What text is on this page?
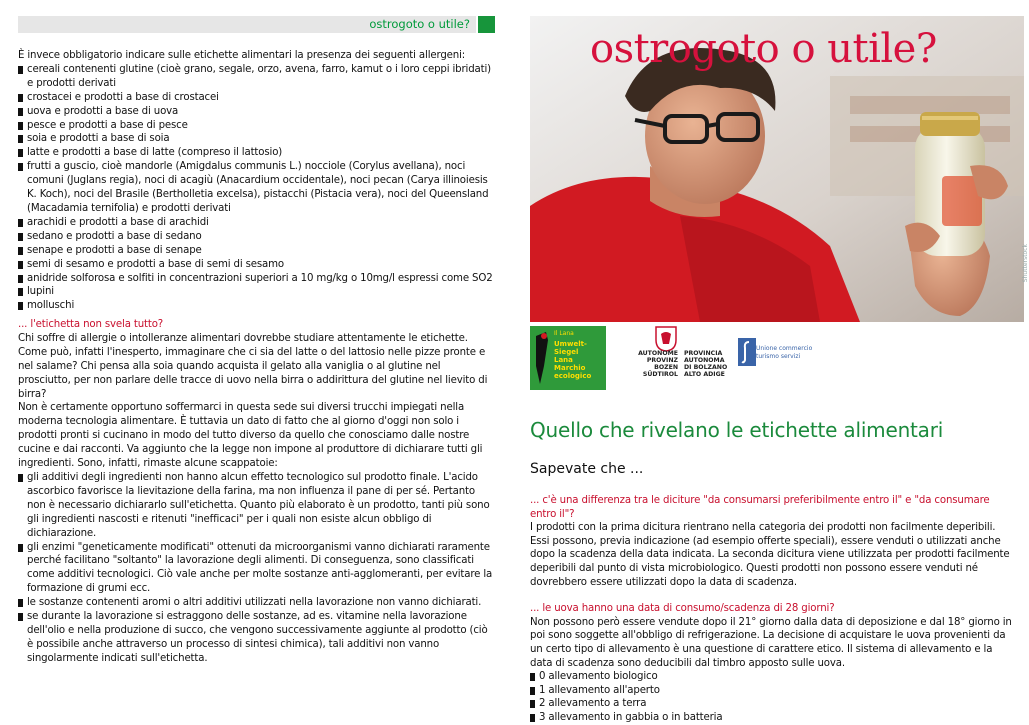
ostrogoto o utile?

È invece obbligatorio indicare sulle etichette alimentari la presenza dei seguenti allergeni:

cereali contenenti glutine (cioè grano, segale, orzo, avena, farro, kamut o i loro ceppi ibridati) e prodotti derivati
crostacei e prodotti a base di crostacei
uova e prodotti a base di uova
pesce e prodotti a base di pesce
soia e prodotti a base di soia
latte e prodotti a base di latte (compreso il lattosio)
frutti a guscio, cioè mandorle (Amigdalus communis L.) nocciole (Corylus avellana), noci comuni (Juglans regia), noci di acagiù (Anacardium occidentale), noci pecan (Carya illinoiesis K. Koch), noci del Brasile (Bertholletia excelsa), pistacchi (Pistacia vera), noci del Queensland (Macadamia ternifolia) e prodotti derivati
arachidi e prodotti a base di arachidi
sedano e prodotti a base di sedano
senape e prodotti a base di senape
semi di sesamo e prodotti a base di semi di sesamo
anidride solforosa e solfiti in concentrazioni superiori a 10 mg/kg o 10mg/l espressi come SO2
lupini
molluschi

... l'etichetta non svela tutto?

Chi soffre di allergie o intolleranze alimentari dovrebbe studiare attentamente le etichette. Come può, infatti l'inesperto, immaginare che ci sia del latte o del lattosio nelle pizze pronte e nel salame? Chi pensa alla soia quando acquista il gelato alla vaniglia o al glutine nel prosciutto, per non parlare delle tracce di uovo nella birra o addirittura del glutine nel lievito di birra?

Non è certamente opportuno soffermarci in questa sede sui diversi trucchi impiegati nella moderna tecnologia alimentare. È tuttavia un dato di fatto che al giorno d'oggi non solo i prodotti pronti si cucinano in modo del tutto diverso da quello che conosciamo dalle nostre cucine e dai racconti. Va aggiunto che la legge non impone al produttore di dichiarare tutti gli ingredienti. Sono, infatti, rimaste alcune scappatoie:

gli additivi degli ingredienti non hanno alcun effetto tecnologico sul prodotto finale. L'acido ascorbico favorisce la lievitazione della farina, ma non influenza il pane di per sé. Pertanto non è necessario dichiararlo sull'etichetta. Quanto più elaborato è un prodotto, tanti più sono gli ingredienti nascosti e ritenuti "inefficaci" per i quali non esiste alcun obbligo di dichiarazione.
gli enzimi "geneticamente modificati" ottenuti da microorganismi vanno dichiarati raramente perché facilitano "soltanto" la lavorazione degli alimenti. Di conseguenza, sono classificati come additivi tecnologici. Ciò vale anche per molte sostanze anti-agglomeranti, per evitare la formazione di grumi ecc.
le sostanze contenenti aromi o altri additivi utilizzati nella lavorazione non vanno dichiarati.
se durante la lavorazione si estraggono delle sostanze, ad es. vitamine nella lavorazione dell'olio e nella produzione di succo, che vengono successivamente aggiunte al prodotto (ciò è possibile anche attraverso un processo di sintesi chimica), tali additivi non vanno singolarmente indicati sull'etichetta.
ostrogoto o utile?
Shutterstock
Il Lana
Umwelt-
Siegel
Lana
Marchio
ecologico
AUTONOME
PROVINZ
BOZEN
SÜDTIROL
PROVINCIA
AUTONOMA
DI BOLZANO
ALTO ADIGE
Unione commercio
turismo servizi
Quello che rivelano le etichette alimentari
Sapevate che ...

... c'è una differenza tra le diciture "da consumarsi preferibilmente entro il" e "da consumare entro il"?

I prodotti con la prima dicitura rientrano nella categoria dei prodotti non facilmente deperibili. Essi possono, previa indicazione (ad esempio offerte speciali), essere venduti o utilizzati anche dopo la scadenza della data indicata. La seconda dicitura viene utilizzata per prodotti facilmente deperibili dal punto di vista microbiologico. Questi prodotti non possono essere venduti né dovrebbero essere utilizzati dopo la data di scadenza.

... le uova hanno una data di consumo/scadenza di 28 giorni?

Non possono però essere vendute dopo il 21° giorno dalla data di deposizione e dal 18° giorno in poi sono soggette all'obbligo di refrigerazione. La decisione di acquistare le uova provenienti da un certo tipo di allevamento è una questione di carattere etico. Il sistema di allevamento e la data di scadenza sono deducibili dal timbro apposto sulle uova.

0 allevamento biologico
1 allevamento all'aperto
2 allevamento a terra
3 allevamento in gabbia o in batteria
